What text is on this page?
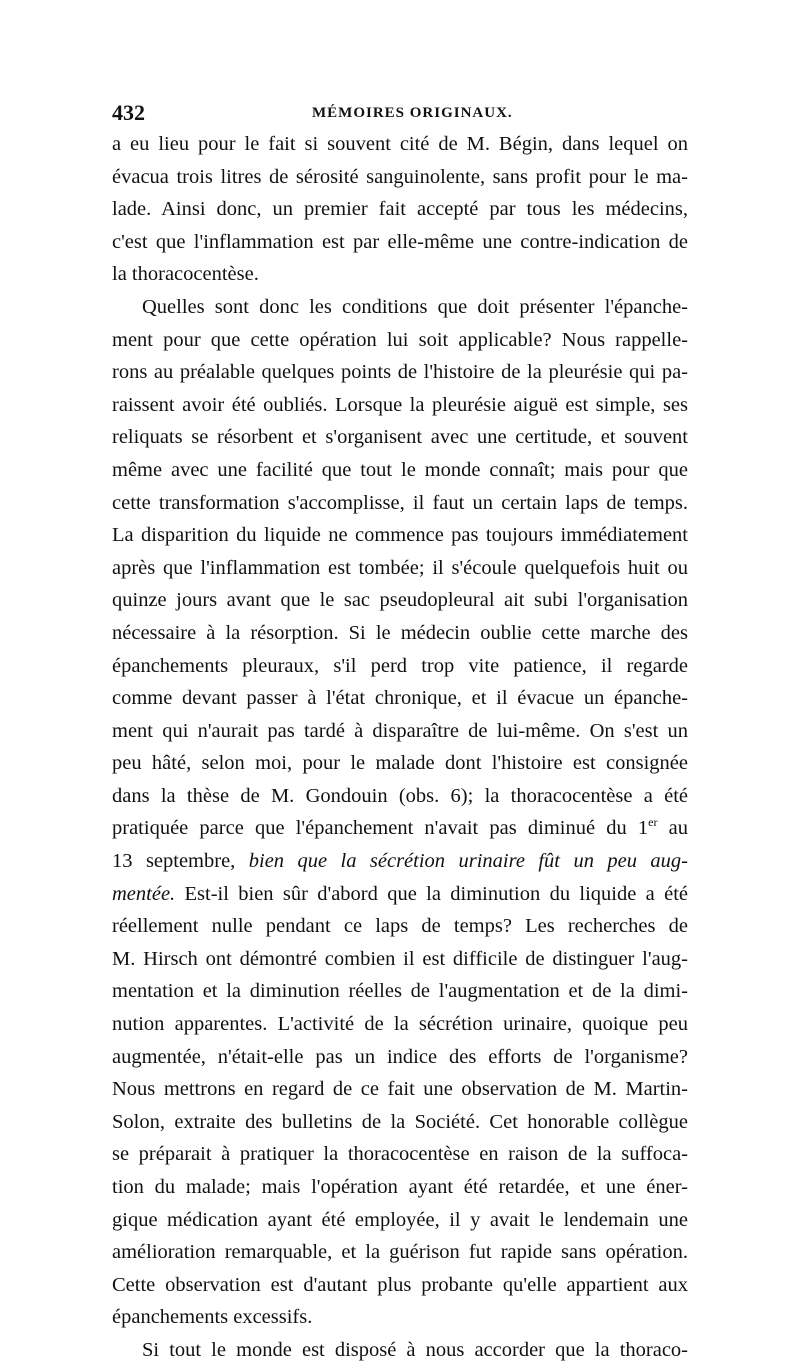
432	MÉMOIRES ORIGINAUX.
a eu lieu pour le fait si souvent cité de M. Bégin, dans lequel on
évacua trois litres de sérosité sanguinolente, sans profit pour le ma-
lade. Ainsi donc, un premier fait accepté par tous les médecins,
c'est que l'inflammation est par elle-même une contre-indication de
la thoracocentèse.
Quelles sont donc les conditions que doit présenter l'épanche-
ment pour que cette opération lui soit applicable? Nous rappelle-
rons au préalable quelques points de l'histoire de la pleurésie qui pa-
raissent avoir été oubliés. Lorsque la pleurésie aiguë est simple, ses
reliquats se résorbent et s'organisent avec une certitude, et souvent
même avec une facilité que tout le monde connaît; mais pour que
cette transformation s'accomplisse, il faut un certain laps de temps.
La disparition du liquide ne commence pas toujours immédiatement
après que l'inflammation est tombée; il s'écoule quelquefois huit ou
quinze jours avant que le sac pseudopleural ait subi l'organisation
nécessaire à la résorption. Si le médecin oublie cette marche des
épanchements pleuraux, s'il perd trop vite patience, il regarde
comme devant passer à l'état chronique, et il évacue un épanche-
ment qui n'aurait pas tardé à disparaître de lui-même. On s'est un
peu hâté, selon moi, pour le malade dont l'histoire est consignée
dans la thèse de M. Gondouin (obs. 6); la thoracocentèse a été
pratiquée parce que l'épanchement n'avait pas diminué du 1er au
13 septembre, bien que la sécrétion urinaire fût un peu aug-
mentée. Est-il bien sûr d'abord que la diminution du liquide a été
réellement nulle pendant ce laps de temps? Les recherches de
M. Hirsch ont démontré combien il est difficile de distinguer l'aug-
mentation et la diminution réelles de l'augmentation et de la dimi-
nution apparentes. L'activité de la sécrétion urinaire, quoique peu
augmentée, n'était-elle pas un indice des efforts de l'organisme?
Nous mettrons en regard de ce fait une observation de M. Martin-
Solon, extraite des bulletins de la Société. Cet honorable collègue
se préparait à pratiquer la thoracocentèse en raison de la suffoca-
tion du malade; mais l'opération ayant été retardée, et une éner-
gique médication ayant été employée, il y avait le lendemain une
amélioration remarquable, et la guérison fut rapide sans opération.
Cette observation est d'autant plus probante qu'elle appartient aux
épanchements excessifs.
Si tout le monde est disposé à nous accorder que la thoraco-
